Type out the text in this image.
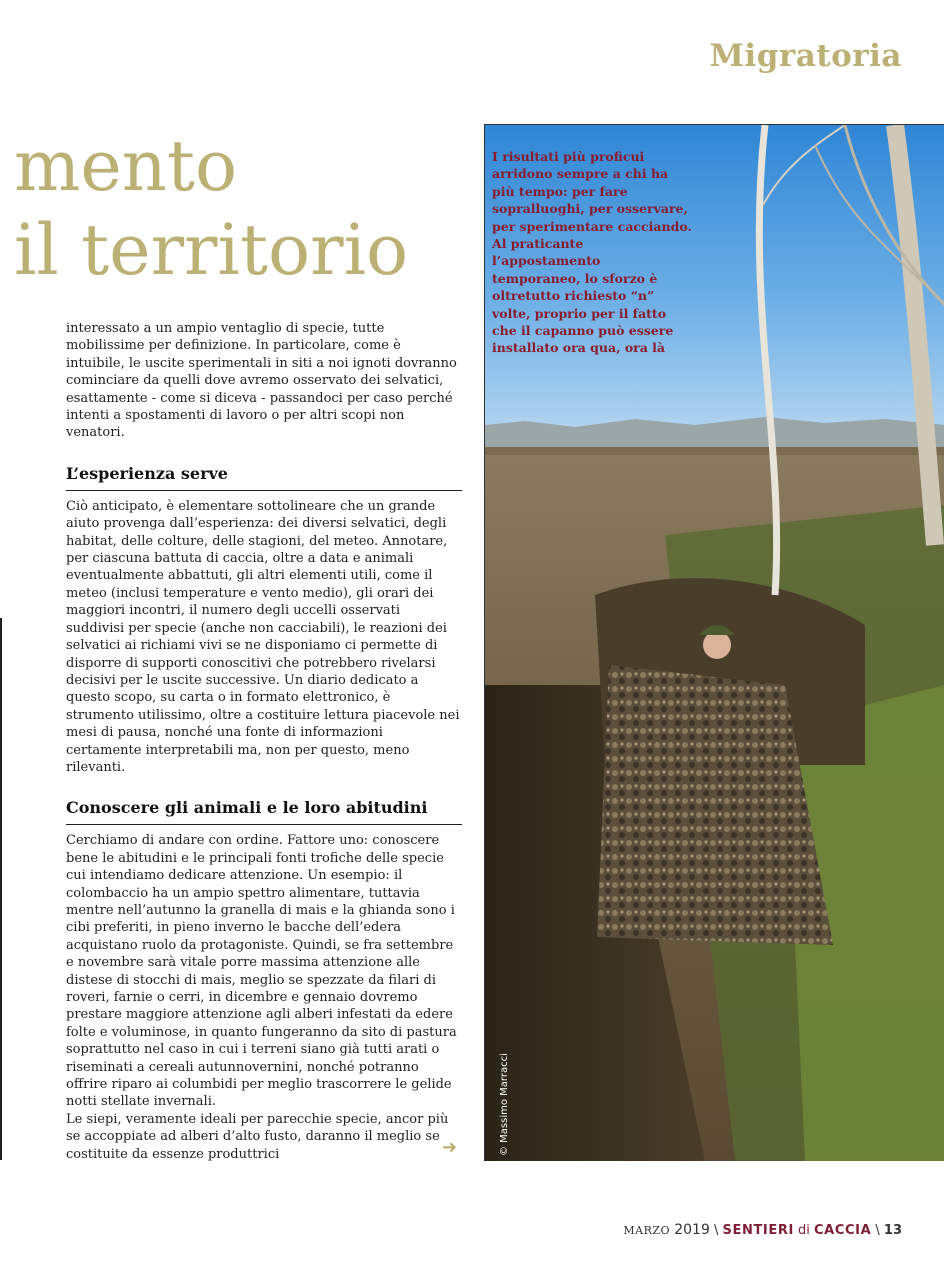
Migratoria
mento
il territorio

interessato a un ampio ventaglio di specie, tutte mobilissime per definizione. In particolare, come è intuibile, le uscite sperimentali in siti a noi ignoti dovranno cominciare da quelli dove avremo osservato dei selvatici, esattamente - come si diceva - passandoci per caso perché intenti a spostamenti di lavoro o per altri scopi non venatori.

L’esperienza serve

Ciò anticipato, è elementare sottolineare che un grande aiuto provenga dall’esperienza: dei diversi selvatici, degli habitat, delle colture, delle stagioni, del meteo. Annotare, per ciascuna battuta di caccia, oltre a data e animali eventualmente abbattuti, gli altri elementi utili, come il meteo (inclusi temperature e vento medio), gli orari dei maggiori incontri, il numero degli uccelli osservati suddivisi per specie (anche non cacciabili), le reazioni dei selvatici ai richiami vivi se ne disponiamo ci permette di disporre di supporti conoscitivi che potrebbero rivelarsi decisivi per le uscite successive. Un diario dedicato a questo scopo, su carta o in formato elettronico, è strumento utilissimo, oltre a costituire lettura piacevole nei mesi di pausa, nonché una fonte di informazioni certamente interpretabili ma, non per questo, meno rilevanti.

Conoscere gli animali e le loro abitudini

Cerchiamo di andare con ordine. Fattore uno: conoscere bene le abitudini e le principali fonti trofiche delle specie cui intendiamo dedicare attenzione. Un esempio: il colombaccio ha un ampio spettro alimentare, tuttavia mentre nell’autunno la granella di mais e la ghianda sono i cibi preferiti, in pieno inverno le bacche dell’edera acquistano ruolo da protagoniste. Quindi, se fra settembre e novembre sarà vitale porre massima attenzione alle distese di stocchi di mais, meglio se spezzate da filari di roveri, farnie o cerri, in dicembre e gennaio dovremo prestare maggiore attenzione agli alberi infestati da edere folte e voluminose, in quanto fungeranno da sito di pastura soprattutto nel caso in cui i terreni siano già tutti arati o riseminati a cereali autunnovernini, nonché potranno offrire riparo ai columbidi per meglio trascorrere le gelide notti stellate invernali.

Le siepi, veramente ideali per parecchie specie, ancor più se accoppiate ad alberi d’alto fusto, daranno il meglio se costituite da essenze produttrici	➜

I risultati più proficui arridono sempre a chi ha più tempo: per fare sopralluoghi, per osservare, per sperimentare cacciando. Al praticante l’appostamento temporaneo, lo sforzo è oltretutto richiesto “n” volte, proprio per il fatto che il capanno può essere installato ora qua, ora là

© Massimo Marracci
MARZO 2019 \ SENTIERI di CACCIA \ 13
